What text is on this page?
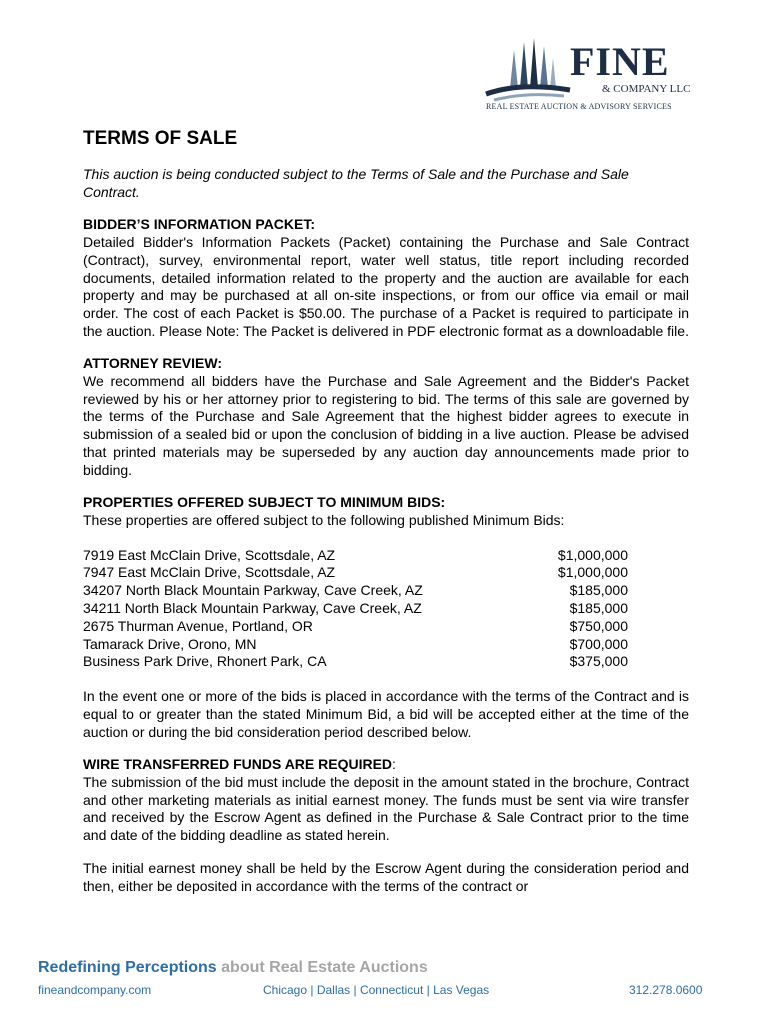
FINE
& COMPANY LLC
REAL ESTATE AUCTION & ADVISORY SERVICES
TERMS OF SALE

This auction is being conducted subject to the Terms of Sale and the Purchase and Sale Contract.

BIDDER’S INFORMATION PACKET:

Detailed Bidder's Information Packets (Packet) containing the Purchase and Sale Contract (Contract), survey, environmental report, water well status, title report including recorded documents, detailed information related to the property and the auction are available for each property and may be purchased at all on-site inspections, or from our office via email or mail order. The cost of each Packet is $50.00. The purchase of a Packet is required to participate in the auction. Please Note: The Packet is delivered in PDF electronic format as a downloadable file.

ATTORNEY REVIEW:

We recommend all bidders have the Purchase and Sale Agreement and the Bidder's Packet reviewed by his or her attorney prior to registering to bid. The terms of this sale are governed by the terms of the Purchase and Sale Agreement that the highest bidder agrees to execute in submission of a sealed bid or upon the conclusion of bidding in a live auction. Please be advised that printed materials may be superseded by any auction day announcements made prior to bidding.

PROPERTIES OFFERED SUBJECT TO MINIMUM BIDS:

These properties are offered subject to the following published Minimum Bids:

7919 East McClain Drive, Scottsdale, AZ	$1,000,000
7947 East McClain Drive, Scottsdale, AZ	$1,000,000
34207 North Black Mountain Parkway, Cave Creek, AZ	$185,000
34211 North Black Mountain Parkway, Cave Creek, AZ	$185,000
2675 Thurman Avenue, Portland, OR	$750,000
Tamarack Drive, Orono, MN	$700,000
Business Park Drive, Rhonert Park, CA	$375,000

In the event one or more of the bids is placed in accordance with the terms of the Contract and is equal to or greater than the stated Minimum Bid, a bid will be accepted either at the time of the auction or during the bid consideration period described below.

WIRE TRANSFERRED FUNDS ARE REQUIRED:

The submission of the bid must include the deposit in the amount stated in the brochure, Contract and other marketing materials as initial earnest money. The funds must be sent via wire transfer and received by the Escrow Agent as defined in the Purchase & Sale Contract prior to the time and date of the bidding deadline as stated herein.

The initial earnest money shall be held by the Escrow Agent during the consideration period and then, either be deposited in accordance with the terms of the contract or

Redefining Perceptions about Real Estate Auctions
fineandcompany.com	Chicago | Dallas | Connecticut | Las Vegas	312.278.0600
